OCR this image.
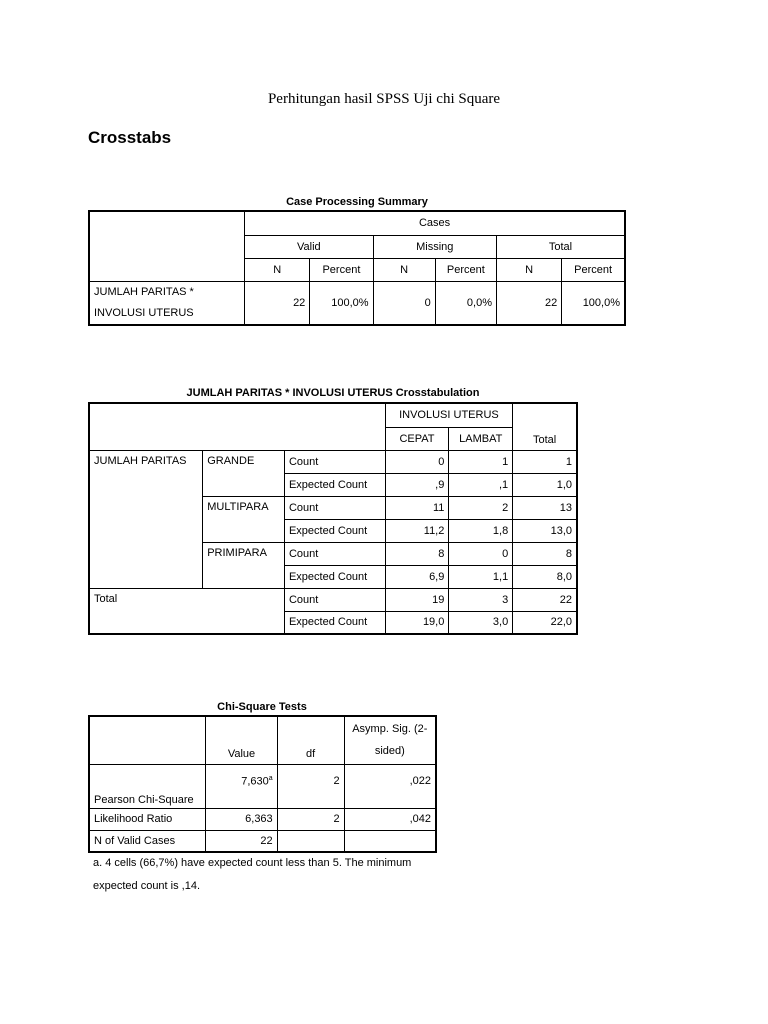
Perhitungan hasil SPSS Uji chi Square
Crosstabs
Case Processing Summary
	Cases					
	Valid		Missing		Total	
	N	Percent	N	Percent	N	Percent

JUMLAH PARITAS *
INVOLUSI UTERUS	22	100,0%	0	0,0%	22	100,0%
JUMLAH PARITAS * INVOLUSI UTERUS Crosstabulation
			INVOLUSI UTERUS		Total
			CEPAT	LAMBAT	
JUMLAH PARITAS	GRANDE	Count	0	1	1
		Expected Count	,9	,1	1,0
	MULTIPARA	Count	11	2	13
		Expected Count	11,2	1,8	13,0
	PRIMIPARA	Count	8	0	8
		Expected Count	6,9	1,1	8,0
Total		Count	19	3	22
		Expected Count	19,0	3,0	22,0
Chi-Square Tests
	Value	df	Asymp. Sig. (2-
sided)

Pearson Chi-Square	7,630$^a$	2	,022
Likelihood Ratio	6,363	2	,042
N of Valid Cases	22		
a. 4 cells (66,7%) have expected count less than 5. The minimum
expected count is ,14.
